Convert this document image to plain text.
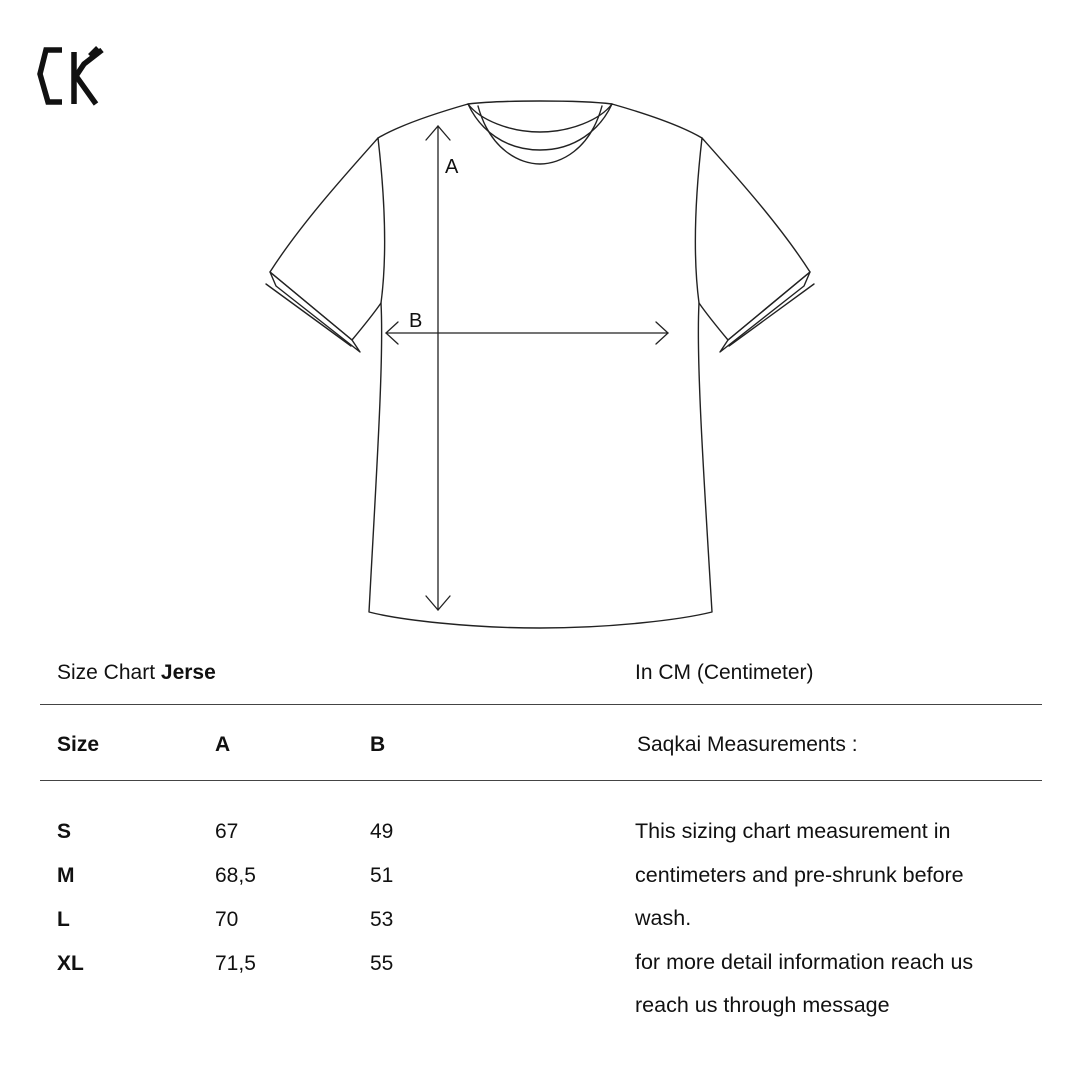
A
B
Size Chart Jerse	In CM (Centimeter)
Size	A	B	Saqkai Measurements :
S	67	49
M	68,5	51
L	70	53
XL	71,5	55
This sizing chart measurement in
centimeters and pre-shrunk before
wash.
for more detail information reach us
reach us through message
